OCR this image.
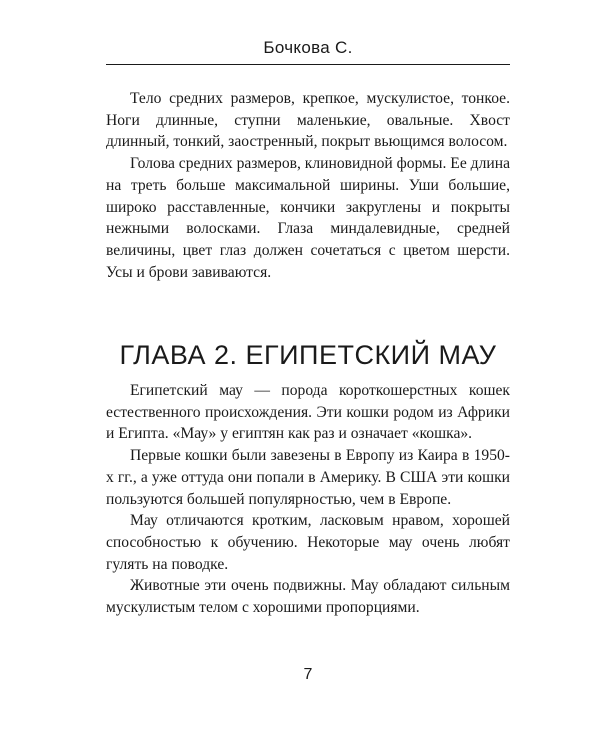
Бочкова С.

Тело средних размеров, крепкое, мускулистое, тонкое. Ноги длинные, ступни маленькие, овальные. Хвост длинный, тонкий, заостренный, покрыт вьющимся волосом.

Голова средних размеров, клиновидной формы. Ее длина на треть больше максимальной ширины. Уши большие, широко расставленные, кончики закруглены и покрыты нежными волосками. Глаза миндалевидные, средней величины, цвет глаз должен сочетаться с цветом шерсти. Усы и брови завиваются.

ГЛАВА 2. ЕГИПЕТСКИЙ МАУ

Египетский мау — порода короткошерстных кошек естественного происхождения. Эти кошки родом из Африки и Египта. «Мау» у египтян как раз и означает «кошка».

Первые кошки были завезены в Европу из Каира в 1950-х гг., а уже оттуда они попали в Америку. В США эти кошки пользуются большей популярностью, чем в Европе.

Мау отличаются кротким, ласковым нравом, хорошей способностью к обучению. Некоторые мау очень любят гулять на поводке.

Животные эти очень подвижны. Мау обладают сильным мускулистым телом с хорошими пропорциями.

7
